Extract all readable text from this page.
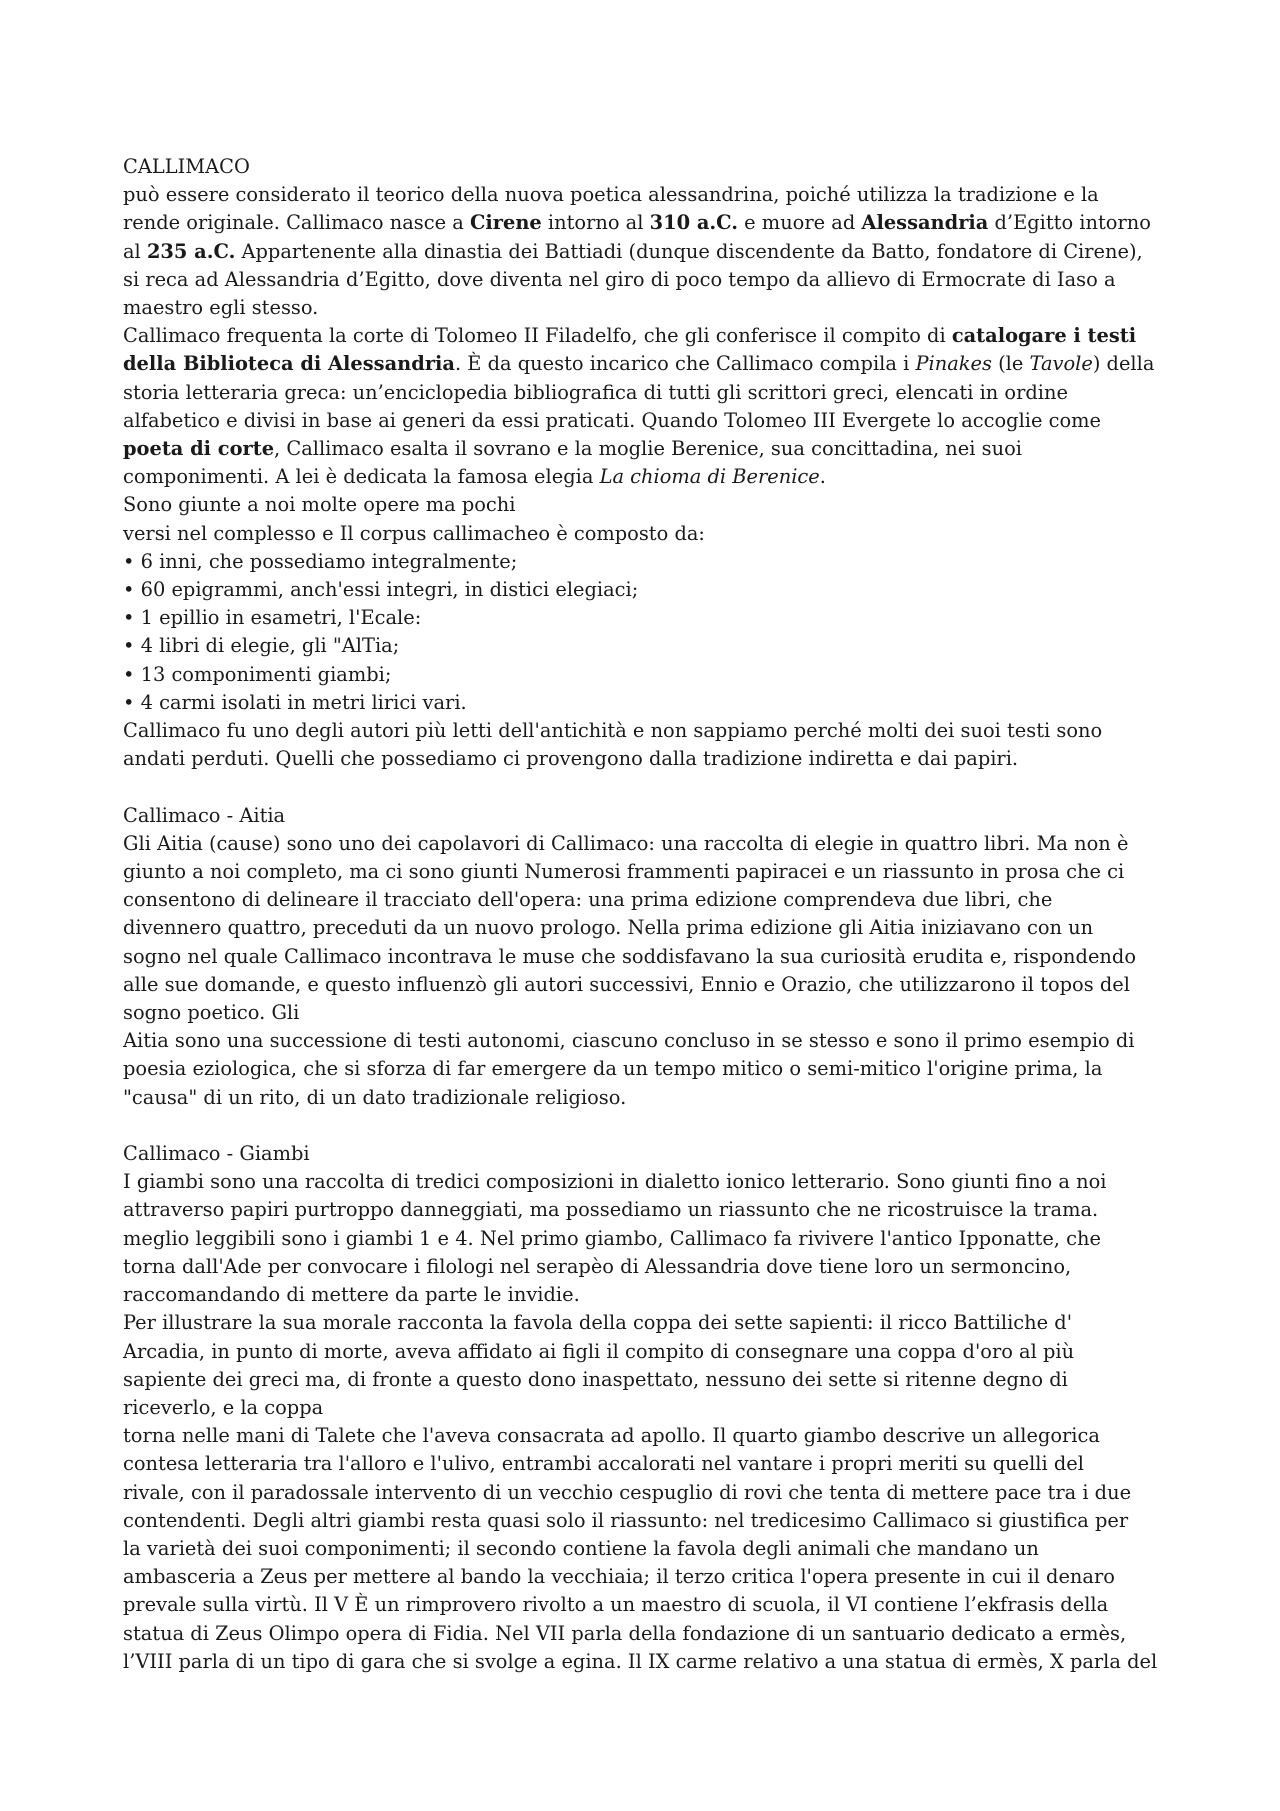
CALLIMACO

può essere considerato il teorico della nuova poetica alessandrina, poiché utilizza la tradizione e la
rende originale. Callimaco nasce a Cirene intorno al 310 a.C. e muore ad Alessandria d’Egitto intorno
al 235 a.C. Appartenente alla dinastia dei Battiadi (dunque discendente da Batto, fondatore di Cirene),
si reca ad Alessandria d’Egitto, dove diventa nel giro di poco tempo da allievo di Ermocrate di Iaso a
maestro egli stesso.

Callimaco frequenta la corte di Tolomeo II Filadelfo, che gli conferisce il compito di catalogare i testi
della Biblioteca di Alessandria. È da questo incarico che Callimaco compila i Pinakes (le Tavole) della
storia letteraria greca: un’enciclopedia bibliografica di tutti gli scrittori greci, elencati in ordine
alfabetico e divisi in base ai generi da essi praticati. Quando Tolomeo III Evergete lo accoglie come
poeta di corte, Callimaco esalta il sovrano e la moglie Berenice, sua concittadina, nei suoi
componimenti. A lei è dedicata la famosa elegia La chioma di Berenice.

Sono giunte a noi molte opere ma pochi
versi nel complesso e Il corpus callimacheo è composto da:

• 6 inni, che possediamo integralmente;
• 60 epigrammi, anch'essi integri, in distici elegiaci;
• 1 epillio in esametri, l'Ecale:
• 4 libri di elegie, gli "AlTia;
• 13 componimenti giambi;
• 4 carmi isolati in metri lirici vari.

Callimaco fu uno degli autori più letti dell'antichità e non sappiamo perché molti dei suoi testi sono
andati perduti. Quelli che possediamo ci provengono dalla tradizione indiretta e dai papiri.

Callimaco - Aitia

Gli Aitia (cause) sono uno dei capolavori di Callimaco: una raccolta di elegie in quattro libri. Ma non è
giunto a noi completo, ma ci sono giunti Numerosi frammenti papiracei e un riassunto in prosa che ci
consentono di delineare il tracciato dell'opera: una prima edizione comprendeva due libri, che
divennero quattro, preceduti da un nuovo prologo. Nella prima edizione gli Aitia iniziavano con un
sogno nel quale Callimaco incontrava le muse che soddisfavano la sua curiosità erudita e, rispondendo
alle sue domande, e questo influenzò gli autori successivi, Ennio e Orazio, che utilizzarono il topos del
sogno poetico. Gli

Aitia sono una successione di testi autonomi, ciascuno concluso in se stesso e sono il primo esempio di
poesia eziologica, che si sforza di far emergere da un tempo mitico o semi-mitico l'origine prima, la
"causa" di un rito, di un dato tradizionale religioso.

Callimaco - Giambi

I giambi sono una raccolta di tredici composizioni in dialetto ionico letterario. Sono giunti fino a noi
attraverso papiri purtroppo danneggiati, ma possediamo un riassunto che ne ricostruisce la trama.
meglio leggibili sono i giambi 1 e 4. Nel primo giambo, Callimaco fa rivivere l'antico Ipponatte, che
torna dall'Ade per convocare i filologi nel serapèo di Alessandria dove tiene loro un sermoncino,
raccomandando di mettere da parte le invidie.

Per illustrare la sua morale racconta la favola della coppa dei sette sapienti: il ricco Battiliche d'
Arcadia, in punto di morte, aveva affidato ai figli il compito di consegnare una coppa d'oro al più
sapiente dei greci ma, di fronte a questo dono inaspettato, nessuno dei sette si ritenne degno di
riceverlo, e la coppa

torna nelle mani di Talete che l'aveva consacrata ad apollo. Il quarto giambo descrive un allegorica
contesa letteraria tra l'alloro e l'ulivo, entrambi accalorati nel vantare i propri meriti su quelli del
rivale, con il paradossale intervento di un vecchio cespuglio di rovi che tenta di mettere pace tra i due
contendenti. Degli altri giambi resta quasi solo il riassunto: nel tredicesimo Callimaco si giustifica per
la varietà dei suoi componimenti; il secondo contiene la favola degli animali che mandano un
ambasceria a Zeus per mettere al bando la vecchiaia; il terzo critica l'opera presente in cui il denaro
prevale sulla virtù. Il V È un rimprovero rivolto a un maestro di scuola, il VI contiene l’ekfrasis della
statua di Zeus Olimpo opera di Fidia. Nel VII parla della fondazione di un santuario dedicato a ermès,
l’VIII parla di un tipo di gara che si svolge a egina. Il IX carme relativo a una statua di ermès, X parla del
